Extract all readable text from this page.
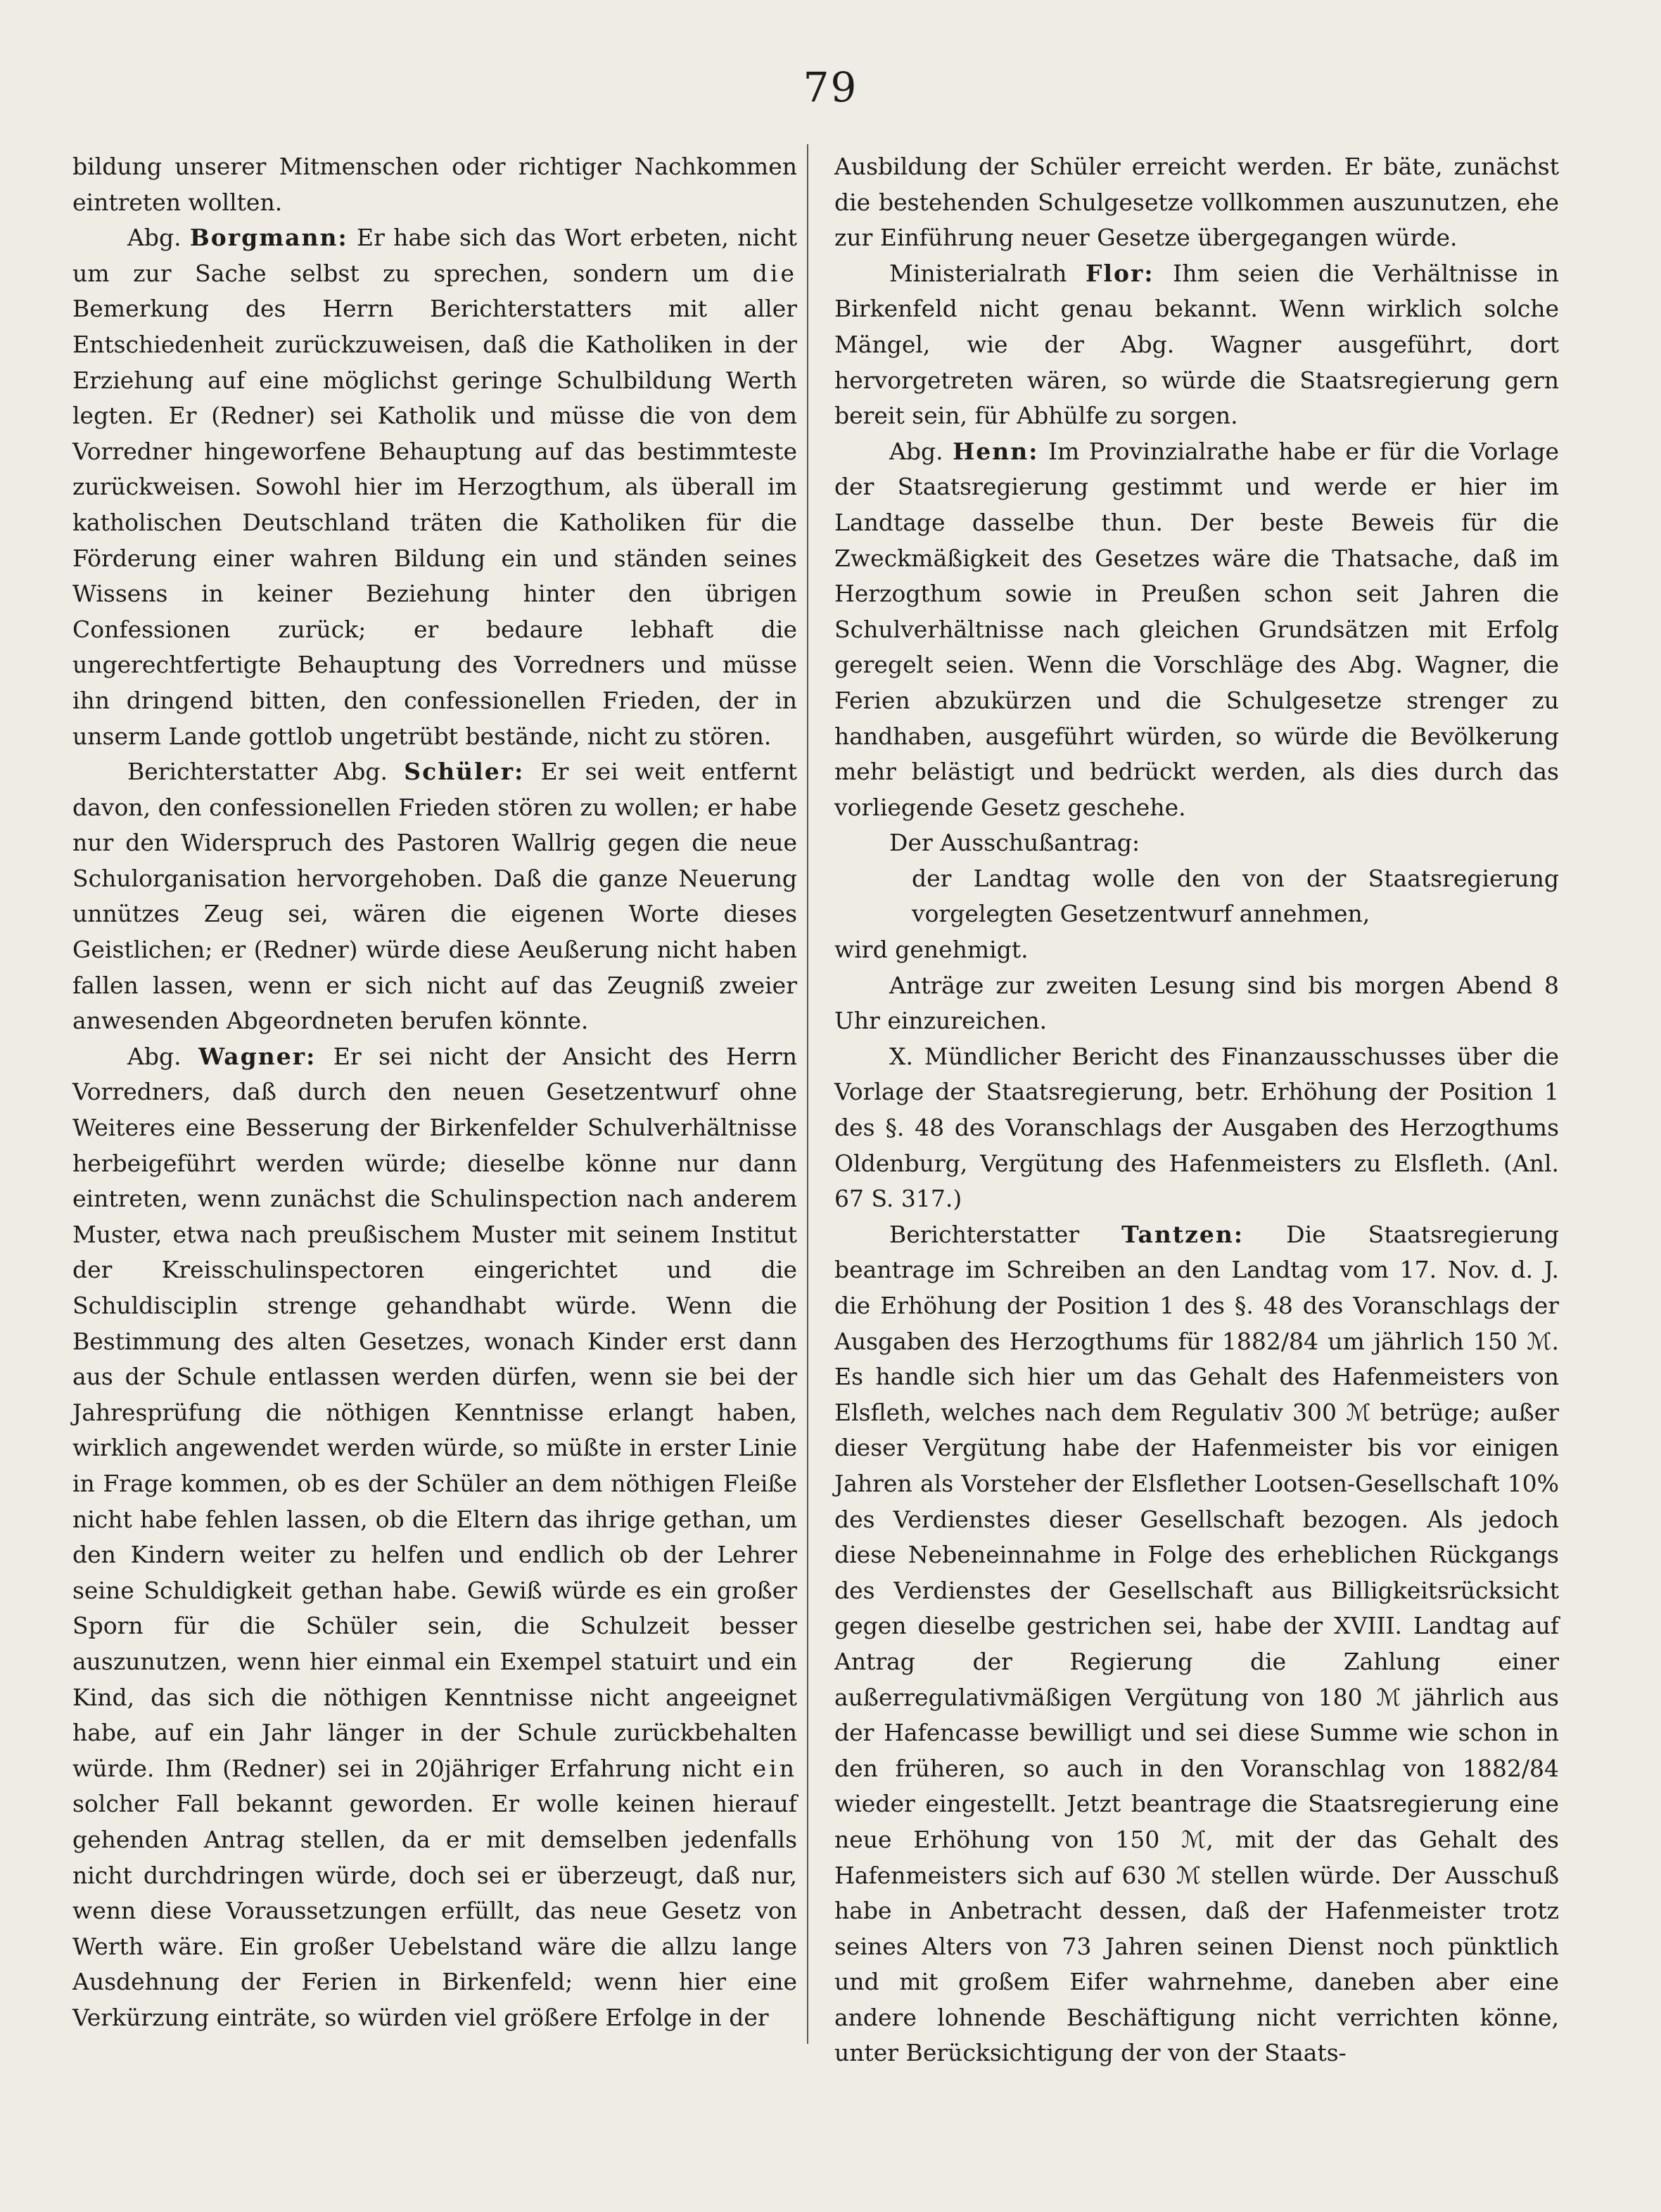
79

bildung unserer Mitmenschen oder richtiger Nachkommen eintreten wollten.

Abg. Borgmann: Er habe sich das Wort erbeten, nicht um zur Sache selbst zu sprechen, sondern um die Bemerkung des Herrn Berichterstatters mit aller Entschiedenheit zurückzuweisen, daß die Katholiken in der Erziehung auf eine möglichst geringe Schulbildung Werth legten. Er (Redner) sei Katholik und müsse die von dem Vorredner hingeworfene Behauptung auf das bestimmteste zurückweisen. Sowohl hier im Herzogthum, als überall im katholischen Deutschland träten die Katholiken für die Förderung einer wahren Bildung ein und ständen seines Wissens in keiner Beziehung hinter den übrigen Confessionen zurück; er bedaure lebhaft die ungerechtfertigte Behauptung des Vorredners und müsse ihn dringend bitten, den confessionellen Frieden, der in unserm Lande gottlob ungetrübt bestände, nicht zu stören.

Berichterstatter Abg. Schüler: Er sei weit entfernt davon, den confessionellen Frieden stören zu wollen; er habe nur den Widerspruch des Pastoren Wallrig gegen die neue Schulorganisation hervorgehoben. Daß die ganze Neuerung unnützes Zeug sei, wären die eigenen Worte dieses Geistlichen; er (Redner) würde diese Aeußerung nicht haben fallen lassen, wenn er sich nicht auf das Zeugniß zweier anwesenden Abgeordneten berufen könnte.

Abg. Wagner: Er sei nicht der Ansicht des Herrn Vorredners, daß durch den neuen Gesetzentwurf ohne Weiteres eine Besserung der Birkenfelder Schulverhältnisse herbeigeführt werden würde; dieselbe könne nur dann eintreten, wenn zunächst die Schulinspection nach anderem Muster, etwa nach preußischem Muster mit seinem Institut der Kreisschulinspectoren eingerichtet und die Schuldisciplin strenge gehandhabt würde. Wenn die Bestimmung des alten Gesetzes, wonach Kinder erst dann aus der Schule entlassen werden dürfen, wenn sie bei der Jahresprüfung die nöthigen Kenntnisse erlangt haben, wirklich angewendet werden würde, so müßte in erster Linie in Frage kommen, ob es der Schüler an dem nöthigen Fleiße nicht habe fehlen lassen, ob die Eltern das ihrige gethan, um den Kindern weiter zu helfen und endlich ob der Lehrer seine Schuldigkeit gethan habe. Gewiß würde es ein großer Sporn für die Schüler sein, die Schulzeit besser auszunutzen, wenn hier einmal ein Exempel statuirt und ein Kind, das sich die nöthigen Kenntnisse nicht angeeignet habe, auf ein Jahr länger in der Schule zurückbehalten würde. Ihm (Redner) sei in 20jähriger Erfahrung nicht ein solcher Fall bekannt geworden. Er wolle keinen hierauf gehenden Antrag stellen, da er mit demselben jedenfalls nicht durchdringen würde, doch sei er überzeugt, daß nur, wenn diese Voraussetzungen erfüllt, das neue Gesetz von Werth wäre. Ein großer Uebelstand wäre die allzu lange Ausdehnung der Ferien in Birkenfeld; wenn hier eine Verkürzung einträte, so würden viel größere Erfolge in der

Ausbildung der Schüler erreicht werden. Er bäte, zunächst die bestehenden Schulgesetze vollkommen auszunutzen, ehe zur Einführung neuer Gesetze übergegangen würde.

Ministerialrath Flor: Ihm seien die Verhältnisse in Birkenfeld nicht genau bekannt. Wenn wirklich solche Mängel, wie der Abg. Wagner ausgeführt, dort hervorgetreten wären, so würde die Staatsregierung gern bereit sein, für Abhülfe zu sorgen.

Abg. Henn: Im Provinzialrathe habe er für die Vorlage der Staatsregierung gestimmt und werde er hier im Landtage dasselbe thun. Der beste Beweis für die Zweckmäßigkeit des Gesetzes wäre die Thatsache, daß im Herzogthum sowie in Preußen schon seit Jahren die Schulverhältnisse nach gleichen Grundsätzen mit Erfolg geregelt seien. Wenn die Vorschläge des Abg. Wagner, die Ferien abzukürzen und die Schulgesetze strenger zu handhaben, ausgeführt würden, so würde die Bevölkerung mehr belästigt und bedrückt werden, als dies durch das vorliegende Gesetz geschehe.

Der Ausschußantrag:

der Landtag wolle den von der Staatsregierung vorgelegten Gesetzentwurf annehmen,

wird genehmigt.

Anträge zur zweiten Lesung sind bis morgen Abend 8 Uhr einzureichen.

X. Mündlicher Bericht des Finanzausschusses über die Vorlage der Staatsregierung, betr. Erhöhung der Position 1 des §. 48 des Voranschlags der Ausgaben des Herzogthums Oldenburg, Vergütung des Hafenmeisters zu Elsfleth. (Anl. 67 S. 317.)

Berichterstatter Tantzen: Die Staatsregierung beantrage im Schreiben an den Landtag vom 17. Nov. d. J. die Erhöhung der Position 1 des §. 48 des Voranschlags der Ausgaben des Herzogthums für 1882/84 um jährlich 150 ℳ. Es handle sich hier um das Gehalt des Hafenmeisters von Elsfleth, welches nach dem Regulativ 300 ℳ betrüge; außer dieser Vergütung habe der Hafenmeister bis vor einigen Jahren als Vorsteher der Elsflether Lootsen-Gesellschaft 10% des Verdienstes dieser Gesellschaft bezogen. Als jedoch diese Nebeneinnahme in Folge des erheblichen Rückgangs des Verdienstes der Gesellschaft aus Billigkeitsrücksicht gegen dieselbe gestrichen sei, habe der XVIII. Landtag auf Antrag der Regierung die Zahlung einer außerregulativmäßigen Vergütung von 180 ℳ jährlich aus der Hafencasse bewilligt und sei diese Summe wie schon in den früheren, so auch in den Voranschlag von 1882/84 wieder eingestellt. Jetzt beantrage die Staatsregierung eine neue Erhöhung von 150 ℳ, mit der das Gehalt des Hafenmeisters sich auf 630 ℳ stellen würde. Der Ausschuß habe in Anbetracht dessen, daß der Hafenmeister trotz seines Alters von 73 Jahren seinen Dienst noch pünktlich und mit großem Eifer wahrnehme, daneben aber eine andere lohnende Beschäftigung nicht verrichten könne, unter Berücksichtigung der von der Staats-
